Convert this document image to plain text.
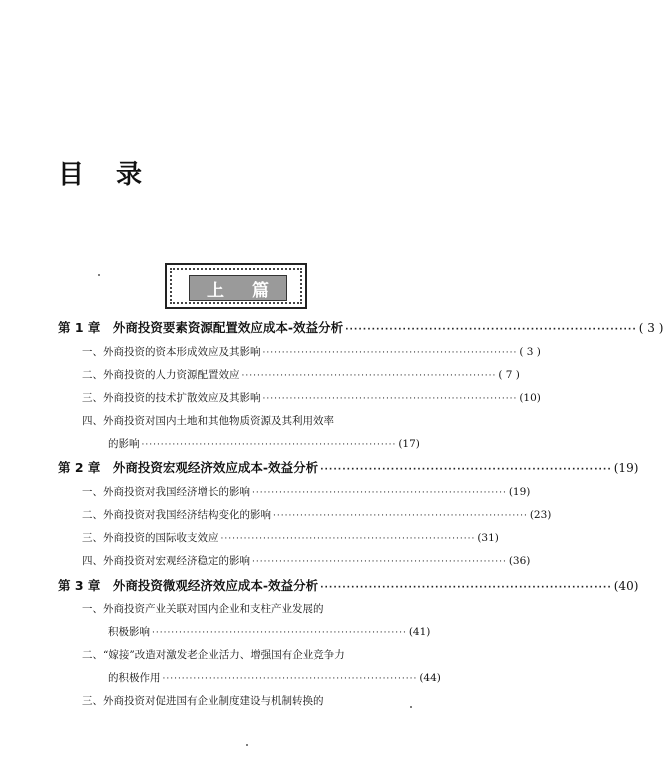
目 录
上 篇
第 1 章　外商投资要素资源配置效应成本-效益分析 ·································································· ( 3 )
一、外商投资的资本形成效应及其影响 ·································································· ( 3 )
二、外商投资的人力资源配置效应 ·································································· ( 7 )
三、外商投资的技术扩散效应及其影响 ·································································· (10)
四、外商投资对国内土地和其他物质资源及其利用效率
的影响 ·································································· (17)
第 2 章　外商投资宏观经济效应成本-效益分析 ·································································· (19)
一、外商投资对我国经济增长的影响 ·································································· (19)
二、外商投资对我国经济结构变化的影响 ·································································· (23)
三、外商投资的国际收支效应 ·································································· (31)
四、外商投资对宏观经济稳定的影响 ·································································· (36)
第 3 章　外商投资微观经济效应成本-效益分析 ·································································· (40)
一、外商投资产业关联对国内企业和支柱产业发展的
积极影响 ·································································· (41)
二、“嫁接”改造对激发老企业活力、增强国有企业竞争力
的积极作用 ·································································· (44)
三、外商投资对促进国有企业制度建设与机制转换的
